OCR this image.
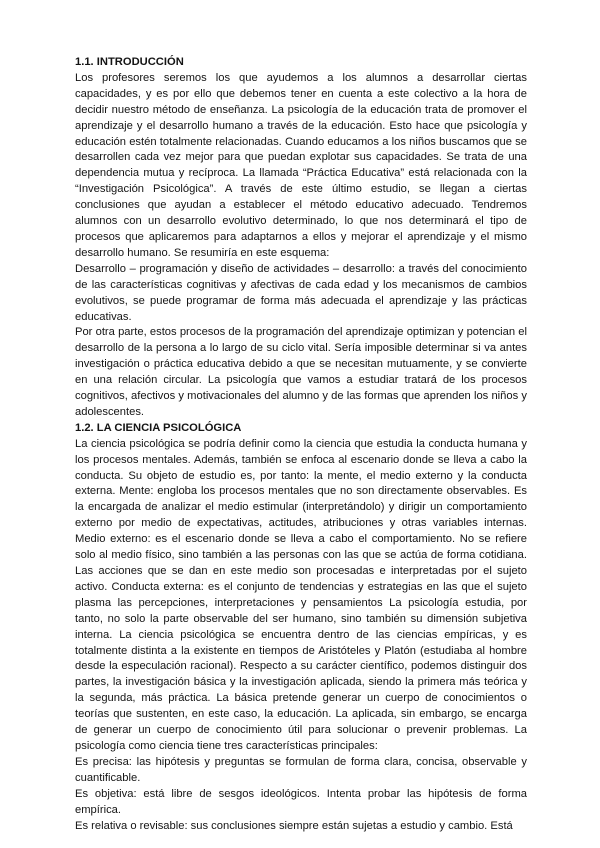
1.1. INTRODUCCIÓN

Los profesores seremos los que ayudemos a los alumnos a desarrollar ciertas capacidades, y es por ello que debemos tener en cuenta a este colectivo a la hora de decidir nuestro método de enseñanza. La psicología de la educación trata de promover el aprendizaje y el desarrollo humano a través de la educación. Esto hace que psicología y educación estén totalmente relacionadas. Cuando educamos a los niños buscamos que se desarrollen cada vez mejor para que puedan explotar sus capacidades. Se trata de una dependencia mutua y recíproca. La llamada “Práctica Educativa” está relacionada con la “Investigación Psicológica”. A través de este último estudio, se llegan a ciertas conclusiones que ayudan a establecer el método educativo adecuado. Tendremos alumnos con un desarrollo evolutivo determinado, lo que nos determinará el tipo de procesos que aplicaremos para adaptarnos a ellos y mejorar el aprendizaje y el mismo desarrollo humano. Se resumiría en este esquema:

Desarrollo – programación y diseño de actividades – desarrollo: a través del conocimiento de las características cognitivas y afectivas de cada edad y los mecanismos de cambios evolutivos, se puede programar de forma más adecuada el aprendizaje y las prácticas educativas.

Por otra parte, estos procesos de la programación del aprendizaje optimizan y potencian el desarrollo de la persona a lo largo de su ciclo vital. Sería imposible determinar si va antes investigación o práctica educativa debido a que se necesitan mutuamente, y se convierte en una relación circular. La psicología que vamos a estudiar tratará de los procesos cognitivos, afectivos y motivacionales del alumno y de las formas que aprenden los niños y adolescentes.

1.2. LA CIENCIA PSICOLÓGICA

La ciencia psicológica se podría definir como la ciencia que estudia la conducta humana y los procesos mentales. Además, también se enfoca al escenario donde se lleva a cabo la conducta. Su objeto de estudio es, por tanto: la mente, el medio externo y la conducta externa. Mente: engloba los procesos mentales que no son directamente observables. Es la encargada de analizar el medio estimular (interpretándolo) y dirigir un comportamiento externo por medio de expectativas, actitudes, atribuciones y otras variables internas. Medio externo: es el escenario donde se lleva a cabo el comportamiento. No se refiere solo al medio físico, sino también a las personas con las que se actúa de forma cotidiana. Las acciones que se dan en este medio son procesadas e interpretadas por el sujeto activo. Conducta externa: es el conjunto de tendencias y estrategias en las que el sujeto plasma las percepciones, interpretaciones y pensamientos La psicología estudia, por tanto, no solo la parte observable del ser humano, sino también su dimensión subjetiva interna. La ciencia psicológica se encuentra dentro de las ciencias empíricas, y es totalmente distinta a la existente en tiempos de Aristóteles y Platón (estudiaba al hombre desde la especulación racional). Respecto a su carácter científico, podemos distinguir dos partes, la investigación básica y la investigación aplicada, siendo la primera más teórica y la segunda, más práctica. La básica pretende generar un cuerpo de conocimientos o teorías que sustenten, en este caso, la educación. La aplicada, sin embargo, se encarga de generar un cuerpo de conocimiento útil para solucionar o prevenir problemas. La psicología como ciencia tiene tres características principales:

Es precisa: las hipótesis y preguntas se formulan de forma clara, concisa, observable y cuantificable.

Es objetiva: está libre de sesgos ideológicos. Intenta probar las hipótesis de forma empírica.

Es relativa o revisable: sus conclusiones siempre están sujetas a estudio y cambio. Está
